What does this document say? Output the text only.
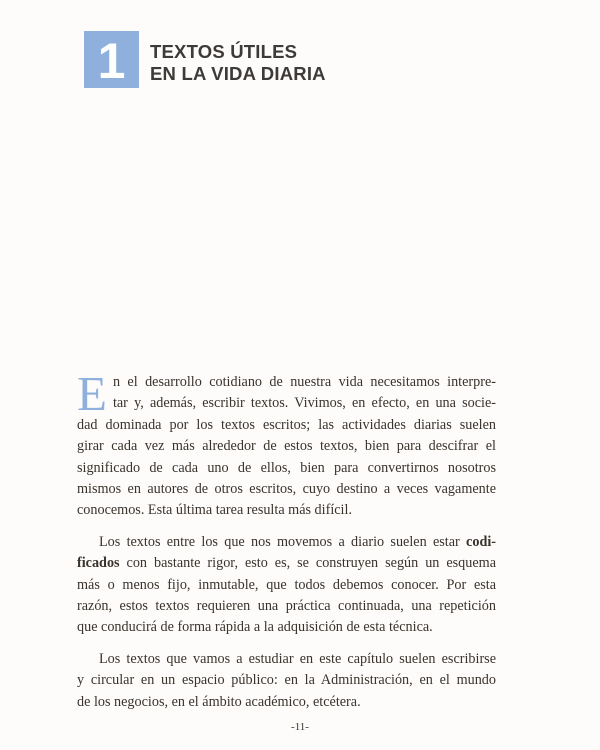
1 TEXTOS ÚTILES
EN LA VIDA DIARIA
E n el desarrollo cotidiano de nuestra vida necesitamos interpre-
tar y, además, escribir textos. Vivimos, en efecto, en una socie-
dad dominada por los textos escritos; las actividades diarias suelen
girar cada vez más alrededor de estos textos, bien para descifrar el
significado de cada uno de ellos, bien para convertirnos nosotros
mismos en autores de otros escritos, cuyo destino a veces vagamente
conocemos. Esta última tarea resulta más difícil.
Los textos entre los que nos movemos a diario suelen estar codi-
ficados con bastante rigor, esto es, se construyen según un esquema
más o menos fijo, inmutable, que todos debemos conocer. Por esta
razón, estos textos requieren una práctica continuada, una repetición
que conducirá de forma rápida a la adquisición de esta técnica.
Los textos que vamos a estudiar en este capítulo suelen escribirse
y circular en un espacio público: en la Administración, en el mundo
de los negocios, en el ámbito académico, etcétera.
-11-
